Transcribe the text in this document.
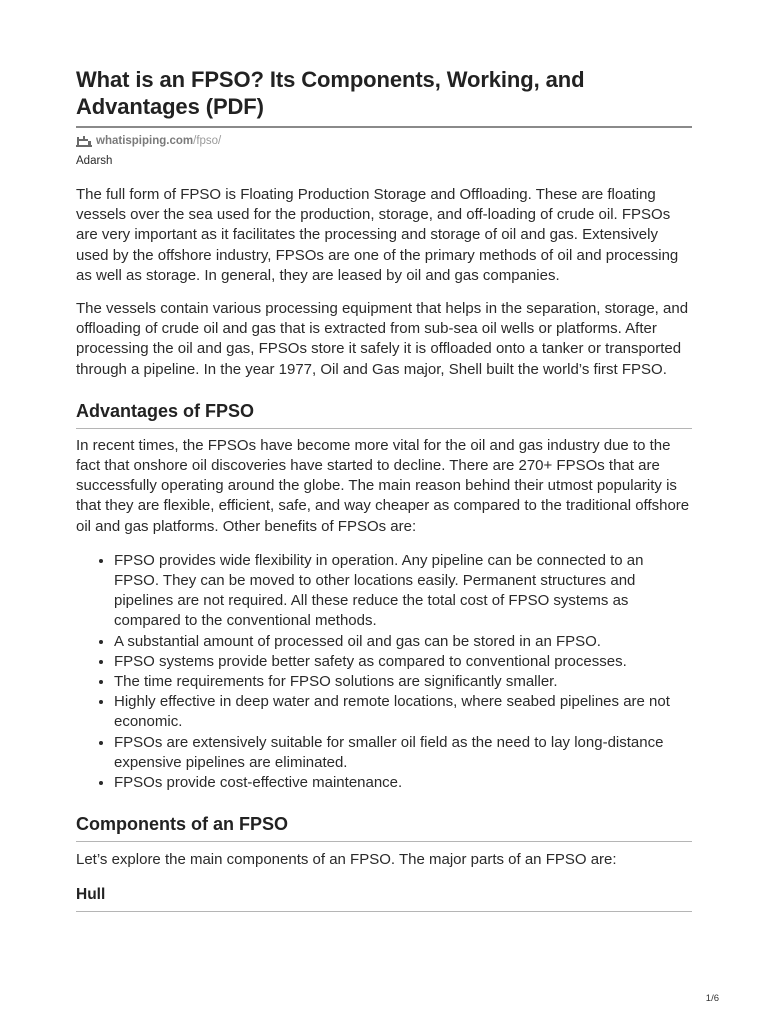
What is an FPSO? Its Components, Working, and Advantages (PDF)
whatispiping.com /fpso/
Adarsh

The full form of FPSO is Floating Production Storage and Offloading. These are floating vessels over the sea used for the production, storage, and off-loading of crude oil. FPSOs are very important as it facilitates the processing and storage of oil and gas. Extensively used by the offshore industry, FPSOs are one of the primary methods of oil and processing as well as storage. In general, they are leased by oil and gas companies.

The vessels contain various processing equipment that helps in the separation, storage, and offloading of crude oil and gas that is extracted from sub-sea oil wells or platforms. After processing the oil and gas, FPSOs store it safely it is offloaded onto a tanker or transported through a pipeline. In the year 1977, Oil and Gas major, Shell built the world’s first FPSO.

Advantages of FPSO

In recent times, the FPSOs have become more vital for the oil and gas industry due to the fact that onshore oil discoveries have started to decline. There are 270+ FPSOs that are successfully operating around the globe. The main reason behind their utmost popularity is that they are flexible, efficient, safe, and way cheaper as compared to the traditional offshore oil and gas platforms. Other benefits of FPSOs are:

• FPSO provides wide flexibility in operation. Any pipeline can be connected to an FPSO. They can be moved to other locations easily. Permanent structures and pipelines are not required. All these reduce the total cost of FPSO systems as compared to the conventional methods.
• A substantial amount of processed oil and gas can be stored in an FPSO.
• FPSO systems provide better safety as compared to conventional processes.
• The time requirements for FPSO solutions are significantly smaller.
• Highly effective in deep water and remote locations, where seabed pipelines are not economic.
• FPSOs are extensively suitable for smaller oil field as the need to lay long-distance expensive pipelines are eliminated.
• FPSOs provide cost-effective maintenance.
Components of an FPSO

Let’s explore the main components of an FPSO. The major parts of an FPSO are:

Hull
1/6
